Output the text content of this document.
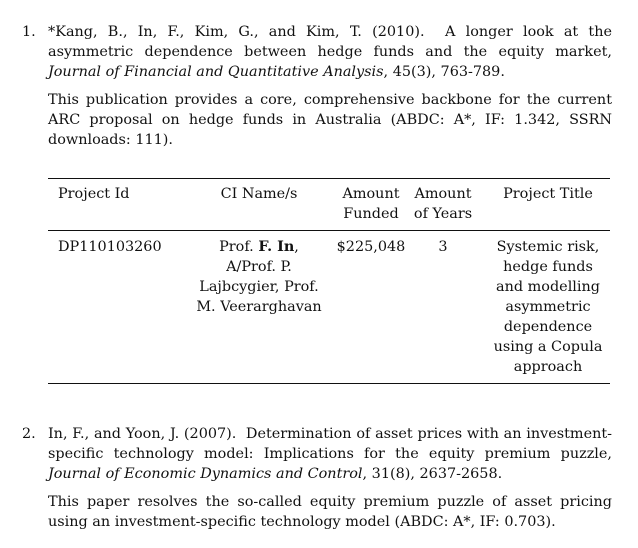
1. *Kang, B., In, F., Kim, G., and Kim, T. (2010). A longer look at the asymmetric dependence between hedge funds and the equity market, Journal of Financial and Quantitative Analysis, 45(3), 763-789.

This publication provides a core, comprehensive backbone for the current ARC proposal on hedge funds in Australia (ABDC: A*, IF: 1.342, SSRN downloads: 111).

Project Id	CI Name/s	Amount Funded	Amount of Years	Project Title
DP110103260	Prof. F. In, A/Prof. P. Lajbcygier, Prof. M. Veerarghavan	$225,048	3	Systemic risk, hedge funds and modelling asymmetric dependence using a Copula approach
2. In, F., and Yoon, J. (2007). Determination of asset prices with an investment-specific technology model: Implications for the equity premium puzzle, Journal of Economic Dynamics and Control, 31(8), 2637-2658.

This paper resolves the so-called equity premium puzzle of asset pricing using an investment-specific technology model (ABDC: A*, IF: 0.703).
